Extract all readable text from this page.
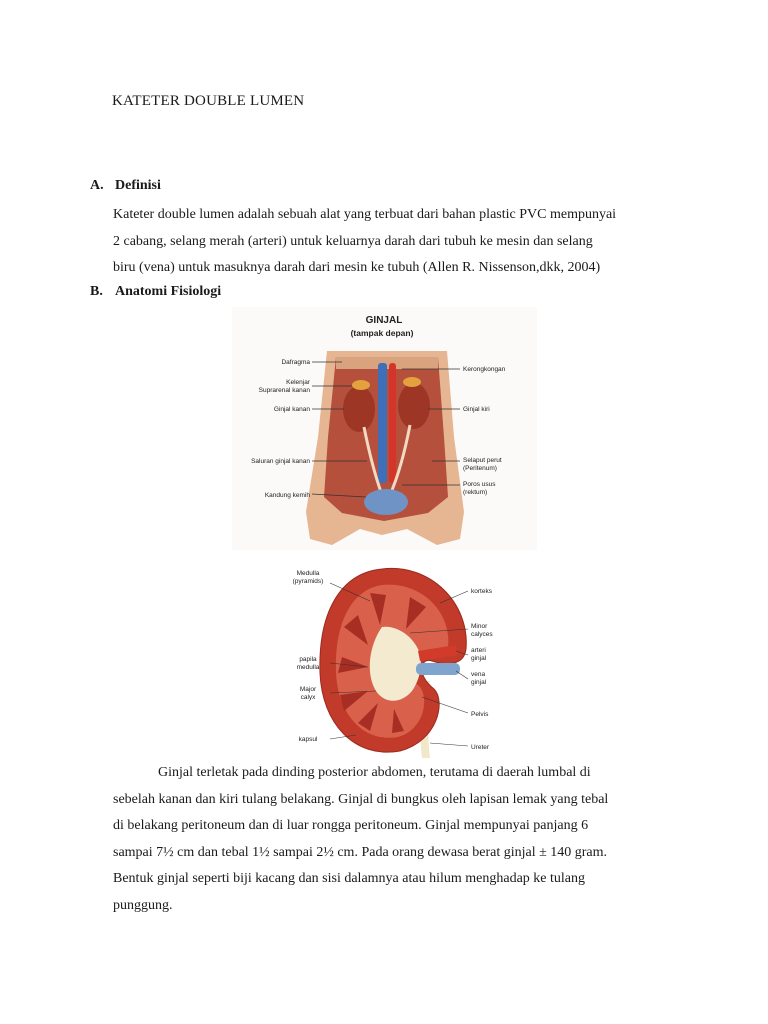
KATETER DOUBLE LUMEN
A. Definisi
Kateter double lumen adalah sebuah alat yang terbuat dari bahan plastic PVC mempunyai
2 cabang, selang merah (arteri) untuk keluarnya darah dari tubuh ke mesin dan selang
biru (vena) untuk masuknya darah dari mesin ke tubuh (Allen R. Nissenson,dkk, 2004)
B. Anatomi Fisiologi
GINJAL
(tampak depan)
Dafragma
Kelenjar
Suprarenal kanan
Ginjal kanan
Saluran ginjal kanan
Kandung kemih
Kerongkongan
Ginjal kiri
Selaput perut
(Peritenum)
Poros usus
(rektum)
Medulla
(pyramids)
papila
medulla
Major
calyx
kapsul
korteks
Minor
calyces
arteri
ginjal
vena
ginjal
Pelvis
Ureter
Ginjal terletak pada dinding posterior abdomen, terutama di daerah lumbal di
sebelah kanan dan kiri tulang belakang. Ginjal di bungkus oleh lapisan lemak yang tebal
di belakang peritoneum dan di luar rongga peritoneum. Ginjal mempunyai panjang 6
sampai 7½ cm dan tebal 1½ sampai 2½ cm. Pada orang dewasa berat ginjal ± 140 gram.
Bentuk ginjal seperti biji kacang dan sisi dalamnya atau hilum menghadap ke tulang
punggung.
